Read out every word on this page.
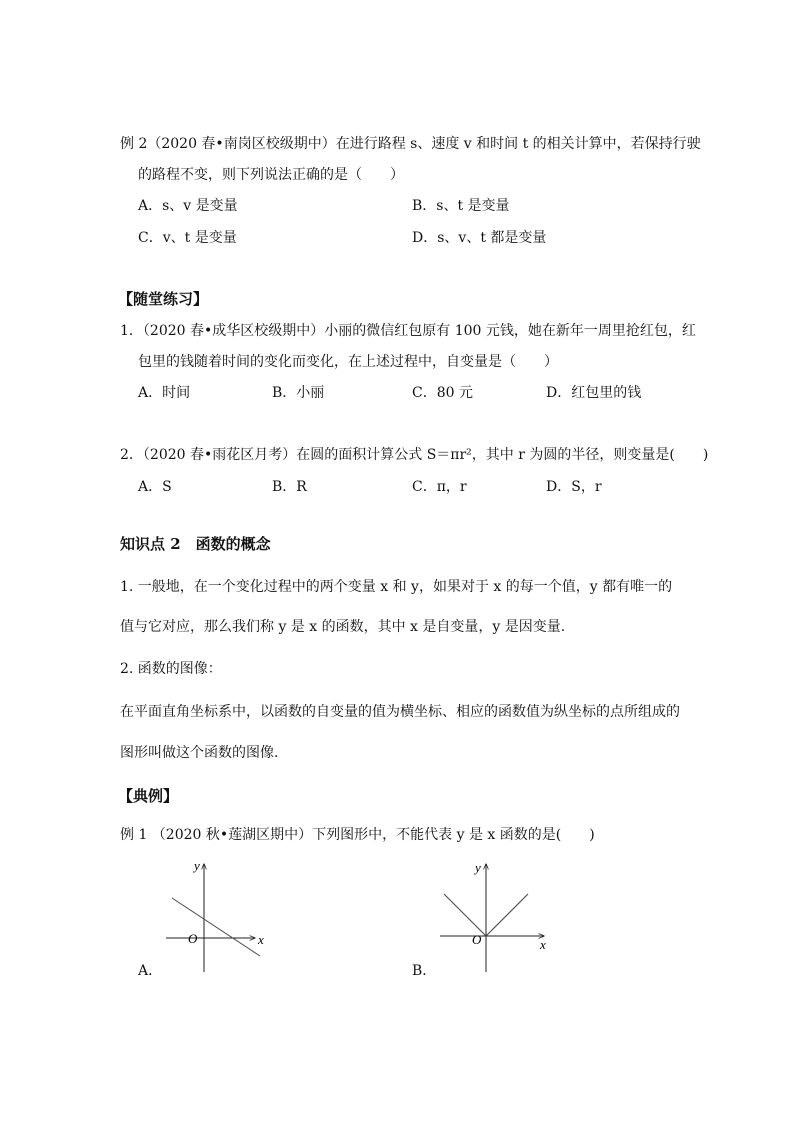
例 2（2020 春•南岗区校级期中）在进行路程 s、速度 v 和时间 t 的相关计算中，若保持行驶
的路程不变，则下列说法正确的是（　　）
A．s、v 是变量	B．s、t 是变量
C．v、t 是变量	D．s、v、t 都是变量
【随堂练习】
1．（2020 春•成华区校级期中）小丽的微信红包原有 100 元钱，她在新年一周里抢红包，红
包里的钱随着时间的变化而变化，在上述过程中，自变量是（　　）
A．时间	B．小丽	C．80 元	D．红包里的钱
2．（2020 春•雨花区月考）在圆的面积计算公式 S＝πr²，其中 r 为圆的半径，则变量是(　　)
A．S	B．R	C．π，r	D．S，r
知识点 2　函数的概念
1. 一般地，在一个变化过程中的两个变量 x 和 y，如果对于 x 的每一个值，y 都有唯一的
值与它对应，那么我们称 y 是 x 的函数，其中 x 是自变量，y 是因变量.
2. 函数的图像：
在平面直角坐标系中，以函数的自变量的值为横坐标、相应的函数值为纵坐标的点所组成的
图形叫做这个函数的图像.
【典例】
例 1 （2020 秋•莲湖区期中）下列图形中，不能代表 y 是 x 函数的是(　　)
y
x
O
A．
y
x
O
B．
